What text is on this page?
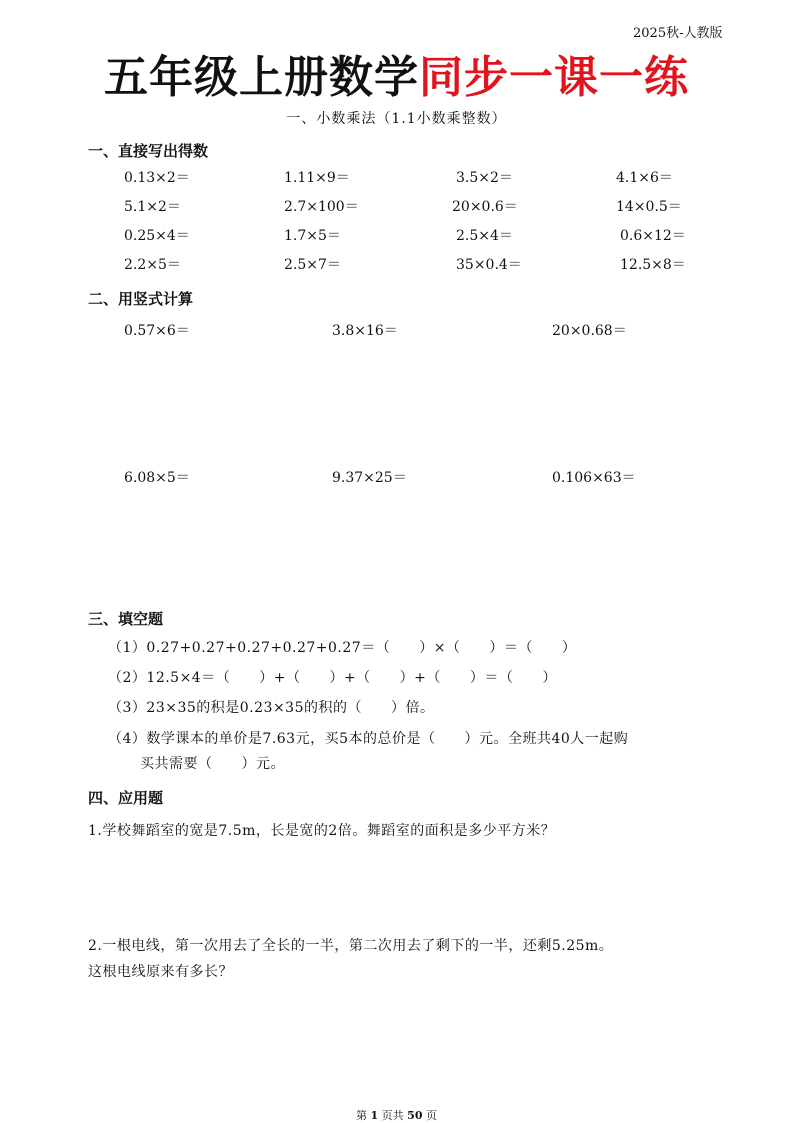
2025秋-人教版
五年级上册数学同步一课一练
一、小数乘法（1.1小数乘整数）
一、直接写出得数
0.13×2＝	1.11×9＝	3.5×2＝	4.1×6＝
5.1×2＝	2.7×100＝	20×0.6＝	14×0.5＝
0.25×4＝	1.7×5＝	2.5×4＝	0.6×12＝
2.2×5＝	2.5×7＝	35×0.4＝	12.5×8＝
二、用竖式计算
0.57×6＝	3.8×16＝	20×0.68＝
6.08×5＝	9.37×25＝	0.106×63＝
三、填空题
（1）0.27+0.27+0.27+0.27+0.27＝（　　）×（　　）＝（　　）
（2）12.5×4＝（　　）+（　　）+（　　）+（　　）＝（　　）
（3）23×35的积是0.23×35的积的（　　）倍。
（4）数学课本的单价是7.63元，买5本的总价是（　　）元。全班共40人一起购
买共需要（　　）元。
四、应用题
1.学校舞蹈室的宽是7.5m，长是宽的2倍。舞蹈室的面积是多少平方米？
2.一根电线，第一次用去了全长的一半，第二次用去了剩下的一半，还剩5.25m。
这根电线原来有多长？
第 1 页共 50 页
